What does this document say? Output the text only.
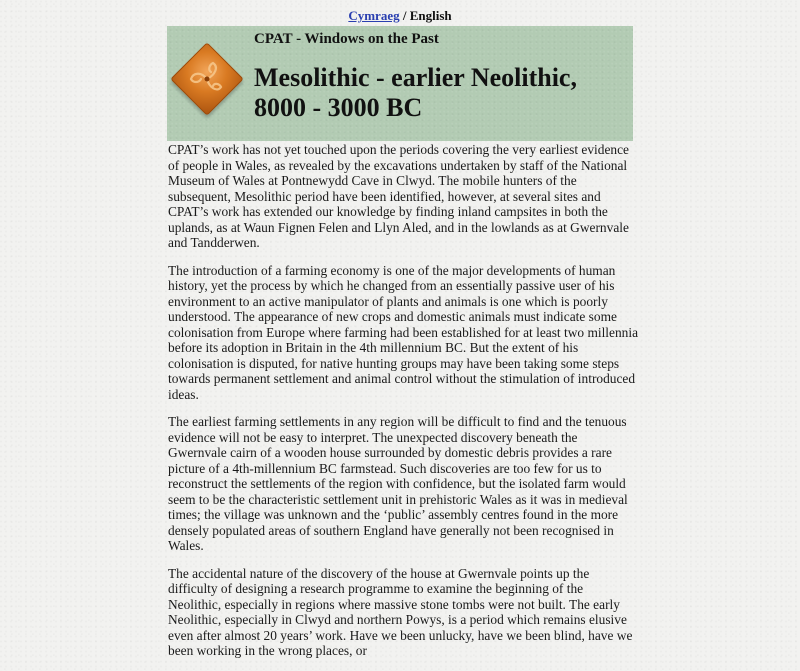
Cymraeg / English
CPAT - Windows on the Past
Mesolithic - earlier Neolithic, 8000 - 3000 BC

CPAT’s work has not yet touched upon the periods covering the very earliest evidence of people in Wales, as revealed by the excavations undertaken by staff of the National Museum of Wales at Pontnewydd Cave in Clwyd. The mobile hunters of the subsequent, Mesolithic period have been identified, however, at several sites and CPAT’s work has extended our knowledge by finding inland campsites in both the uplands, as at Waun Fignen Felen and Llyn Aled, and in the lowlands as at Gwernvale and Tandderwen.

The introduction of a farming economy is one of the major developments of human history, yet the process by which he changed from an essentially passive user of his environment to an active manipulator of plants and animals is one which is poorly understood. The appearance of new crops and domestic animals must indicate some colonisation from Europe where farming had been established for at least two millennia before its adoption in Britain in the 4th millennium BC. But the extent of his colonisation is disputed, for native hunting groups may have been taking some steps towards permanent settlement and animal control without the stimulation of introduced ideas.

The earliest farming settlements in any region will be difficult to find and the tenuous evidence will not be easy to interpret. The unexpected discovery beneath the Gwernvale cairn of a wooden house surrounded by domestic debris provides a rare picture of a 4th-millennium BC farmstead. Such discoveries are too few for us to reconstruct the settlements of the region with confidence, but the isolated farm would seem to be the characteristic settlement unit in prehistoric Wales as it was in medieval times; the village was unknown and the ‘public’ assembly centres found in the more densely populated areas of southern England have generally not been recognised in Wales.

The accidental nature of the discovery of the house at Gwernvale points up the difficulty of designing a research programme to examine the beginning of the Neolithic, especially in regions where massive stone tombs were not built. The early Neolithic, especially in Clwyd and northern Powys, is a period which remains elusive even after almost 20 years’ work. Have we been unlucky, have we been blind, have we been working in the wrong places, or
